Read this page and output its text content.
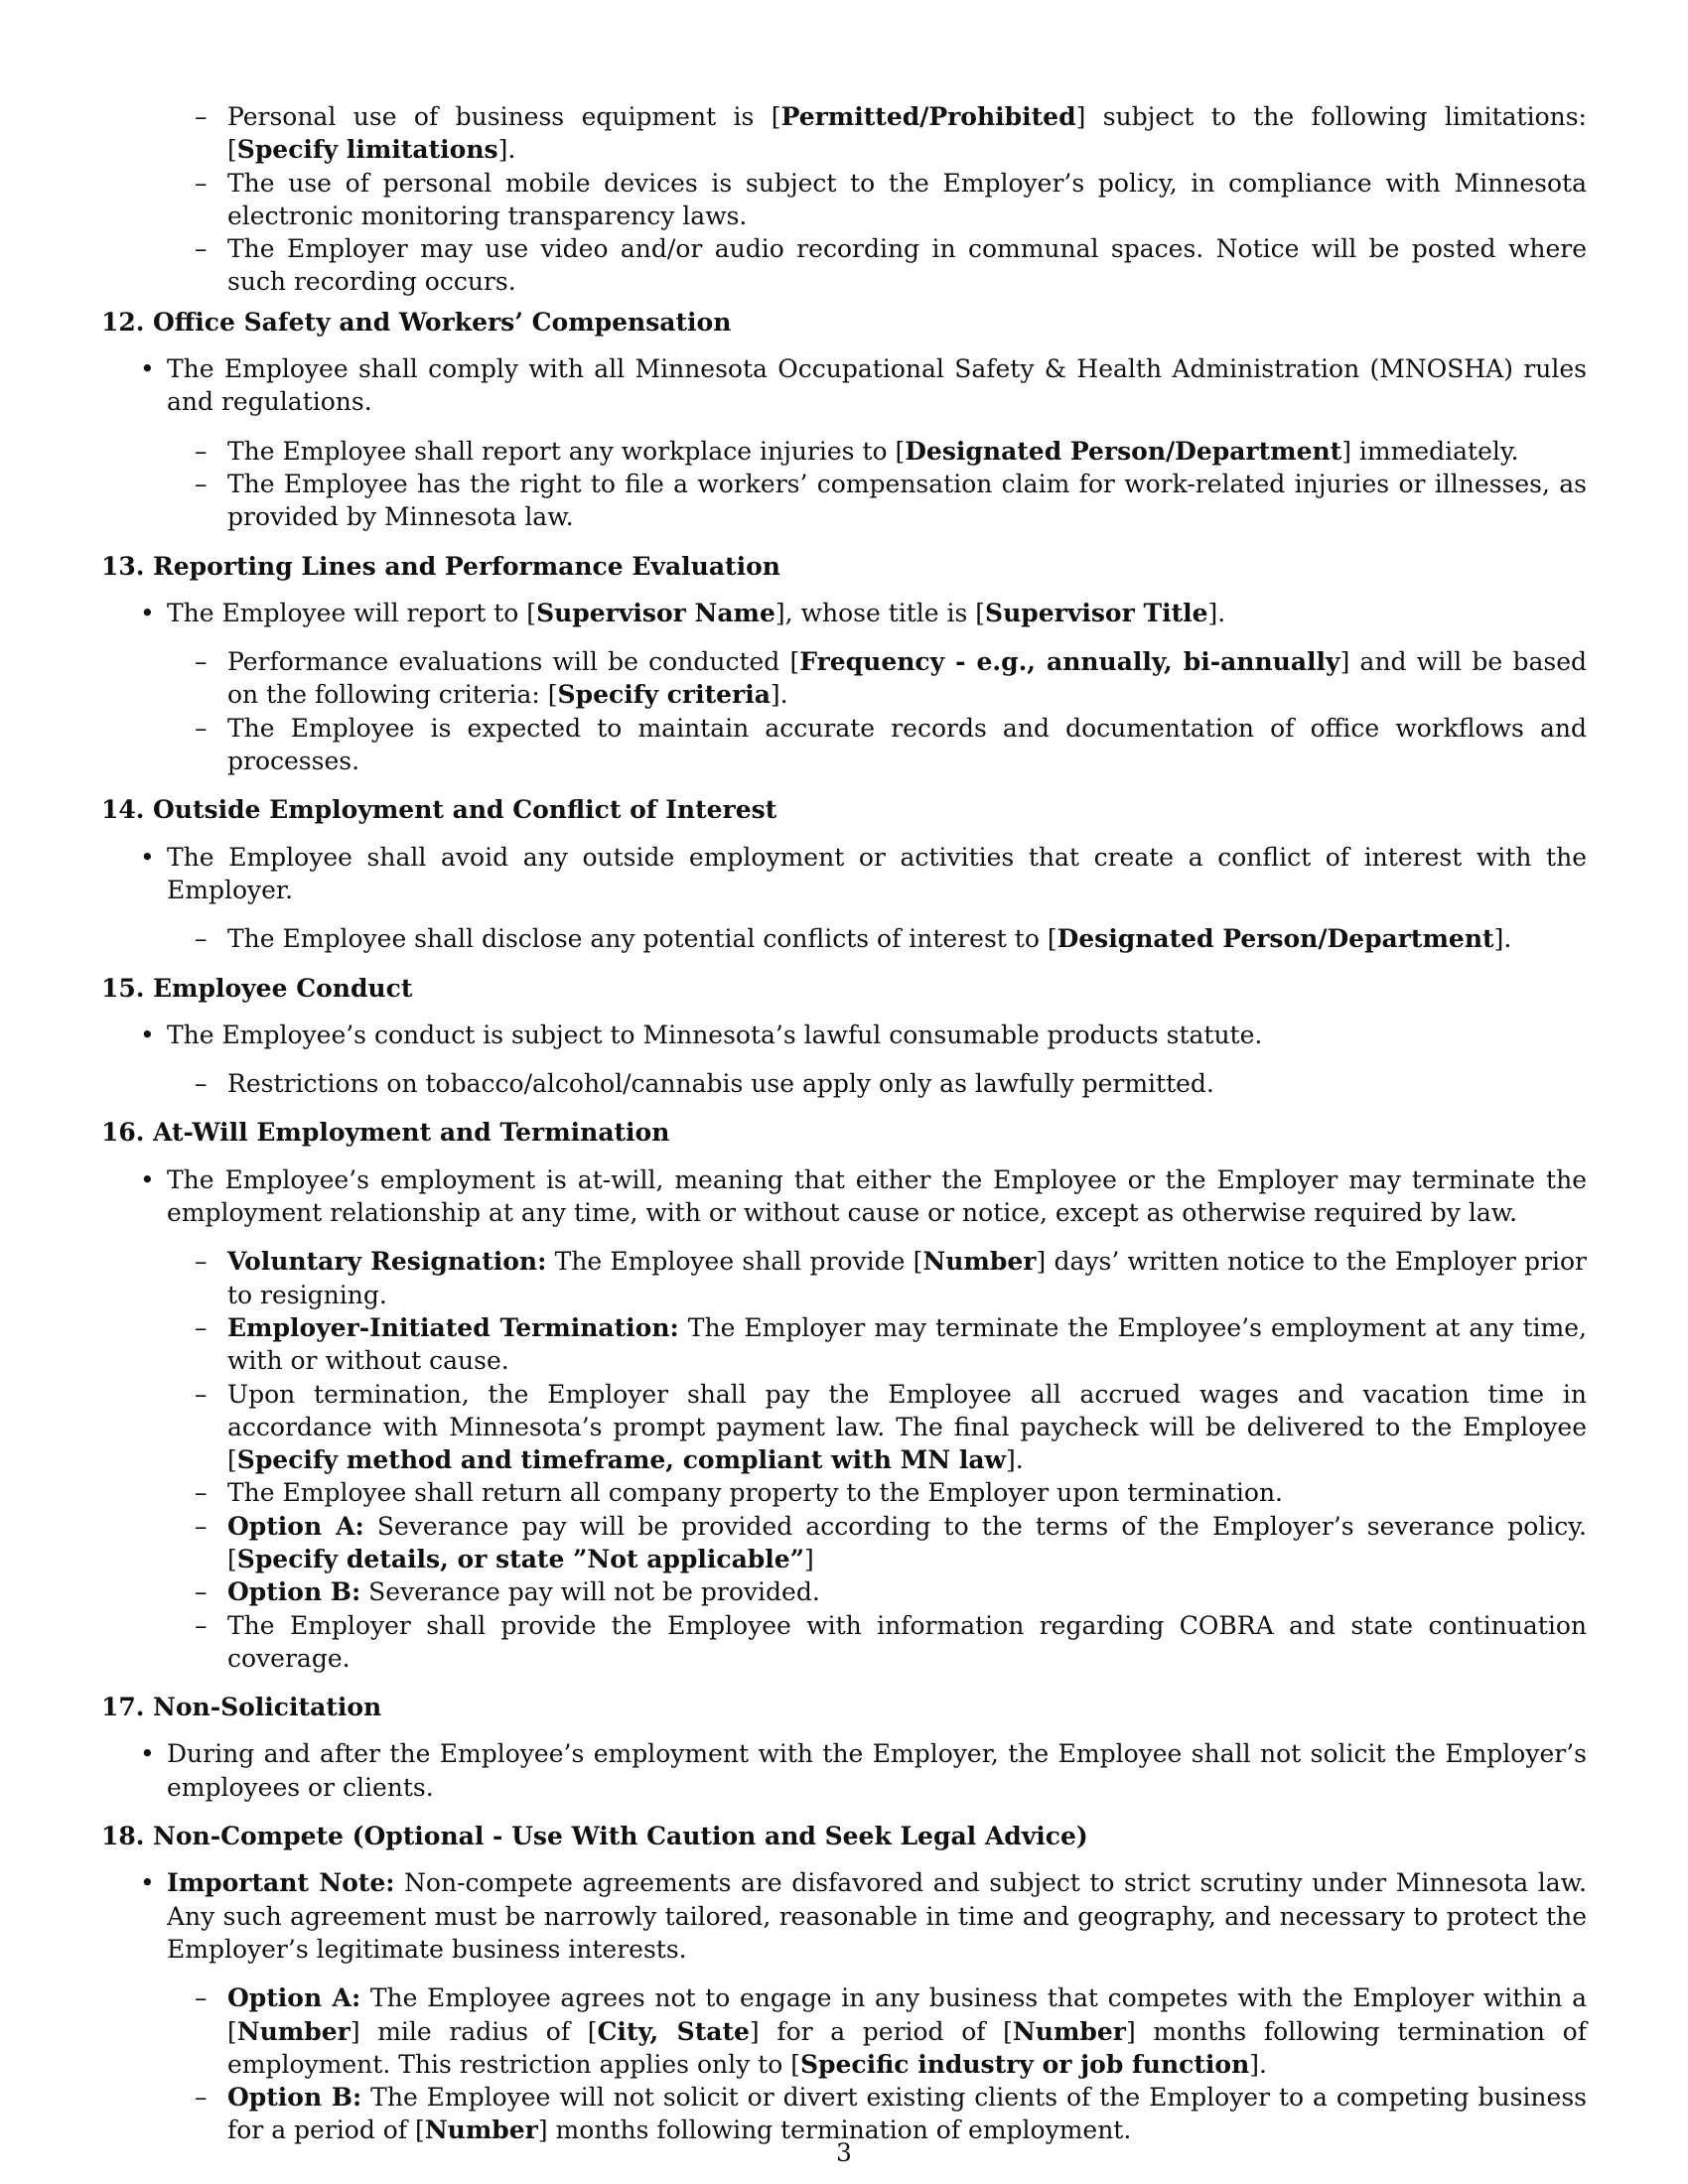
– Personal use of business equipment is [Permitted/Prohibited] subject to the following limitations: [Specify limitations].
– The use of personal mobile devices is subject to the Employer’s policy, in compliance with Minnesota electronic monitoring transparency laws.
– The Employer may use video and/or audio recording in communal spaces. Notice will be posted where such recording occurs.
12. Office Safety and Workers’ Compensation
• The Employee shall comply with all Minnesota Occupational Safety & Health Administration (MNOSHA) rules and regulations.
– The Employee shall report any workplace injuries to [Designated Person/Department] immediately.
– The Employee has the right to file a workers’ compensation claim for work-related injuries or illnesses, as provided by Minnesota law.
13. Reporting Lines and Performance Evaluation
• The Employee will report to [Supervisor Name], whose title is [Supervisor Title].
– Performance evaluations will be conducted [Frequency - e.g., annually, bi-annually] and will be based on the following criteria: [Specify criteria].
– The Employee is expected to maintain accurate records and documentation of office workflows and processes.
14. Outside Employment and Conflict of Interest
• The Employee shall avoid any outside employment or activities that create a conflict of interest with the Employer.
– The Employee shall disclose any potential conflicts of interest to [Designated Person/Department].
15. Employee Conduct
• The Employee’s conduct is subject to Minnesota’s lawful consumable products statute.
– Restrictions on tobacco/alcohol/cannabis use apply only as lawfully permitted.
16. At-Will Employment and Termination
• The Employee’s employment is at-will, meaning that either the Employee or the Employer may terminate the employment relationship at any time, with or without cause or notice, except as otherwise required by law.
– Voluntary Resignation: The Employee shall provide [Number] days’ written notice to the Employer prior to resigning.
– Employer-Initiated Termination: The Employer may terminate the Employee’s employment at any time, with or without cause.
– Upon termination, the Employer shall pay the Employee all accrued wages and vacation time in accordance with Minnesota’s prompt payment law. The final paycheck will be delivered to the Employee [Specify method and timeframe, compliant with MN law].
– The Employee shall return all company property to the Employer upon termination.
– Option A: Severance pay will be provided according to the terms of the Employer’s severance policy. [Specify details, or state ”Not applicable”]
– Option B: Severance pay will not be provided.
– The Employer shall provide the Employee with information regarding COBRA and state continuation coverage.
17. Non-Solicitation
• During and after the Employee’s employment with the Employer, the Employee shall not solicit the Employer’s employees or clients.
18. Non-Compete (Optional - Use With Caution and Seek Legal Advice)
• Important Note: Non-compete agreements are disfavored and subject to strict scrutiny under Minnesota law. Any such agreement must be narrowly tailored, reasonable in time and geography, and necessary to protect the Employer’s legitimate business interests.
– Option A: The Employee agrees not to engage in any business that competes with the Employer within a [Number] mile radius of [City, State] for a period of [Number] months following termination of employment. This restriction applies only to [Specific industry or job function].
– Option B: The Employee will not solicit or divert existing clients of the Employer to a competing business for a period of [Number] months following termination of employment.
3
